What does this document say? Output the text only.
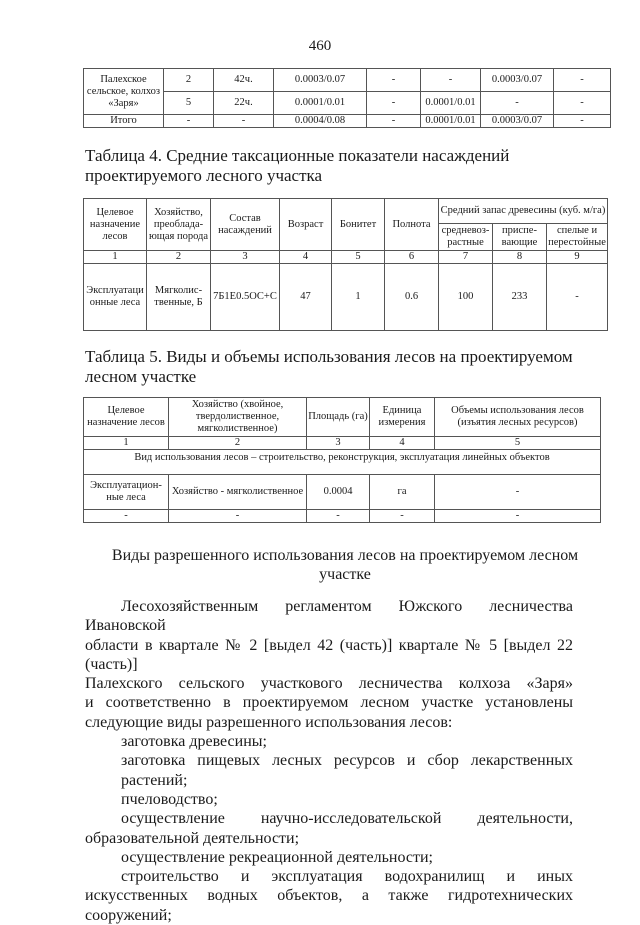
460
Палехское сельское, колхоз «Заря»	2	42ч.	0.0003/0.07	-	-	0.0003/0.07	-
	5	22ч.	0.0001/0.01	-	0.0001/0.01	-	-
Итого	-	-	0.0004/0.08	-	0.0001/0.01	0.0003/0.07	-
Таблица 4. Средние таксационные показатели насаждений проектируемого лесного участка
Целевое назначение лесов	Хозяйство, преоблада-ющая порода	Состав насаждений	Возраст	Бонитет	Полнота	Средний запас древесины (куб. м/га)		
						средневоз-растные	приспе-вающие	спелые и перестойные
1	2	3	4	5	6	7	8	9
Эксплуатаци онные леса	Мягколис-твенные, Б	7Б1Е0.5ОС+С	47	1	0.6	100	233	-
Таблица 5. Виды и объемы использования лесов на проектируемом лесном участке
Целевое назначение лесов	Хозяйство (хвойное, твердолиственное, мягколиственное)	Площадь (га)	Единица измерения	Объемы использования лесов (изъятия лесных ресурсов)
1	2	3	4	5
Вид использования лесов – строительство, реконструкция, эксплуатация линейных объектов				
Эксплуатацион-ные леса	Хозяйство - мягколиственное	0.0004	га	-
-	-	-	-	-
Виды разрешенного использования лесов на проектируемом лесном участке

Лесохозяйственным регламентом Южского лесничества Ивановской

области в квартале № 2 [выдел 42 (часть)] квартале № 5 [выдел 22 (часть)]

Палехского сельского участкового лесничества колхоза «Заря»

и соответственно в проектируемом лесном участке установлены

следующие виды разрешенного использования лесов:

заготовка древесины;

заготовка пищевых лесных ресурсов и сбор лекарственных растений;

пчеловодство;

осуществление научно-исследовательской деятельности, образовательной деятельности;

осуществление рекреационной деятельности;

строительство и эксплуатация водохранилищ и иных искусственных водных объектов, а также гидротехнических сооружений;
